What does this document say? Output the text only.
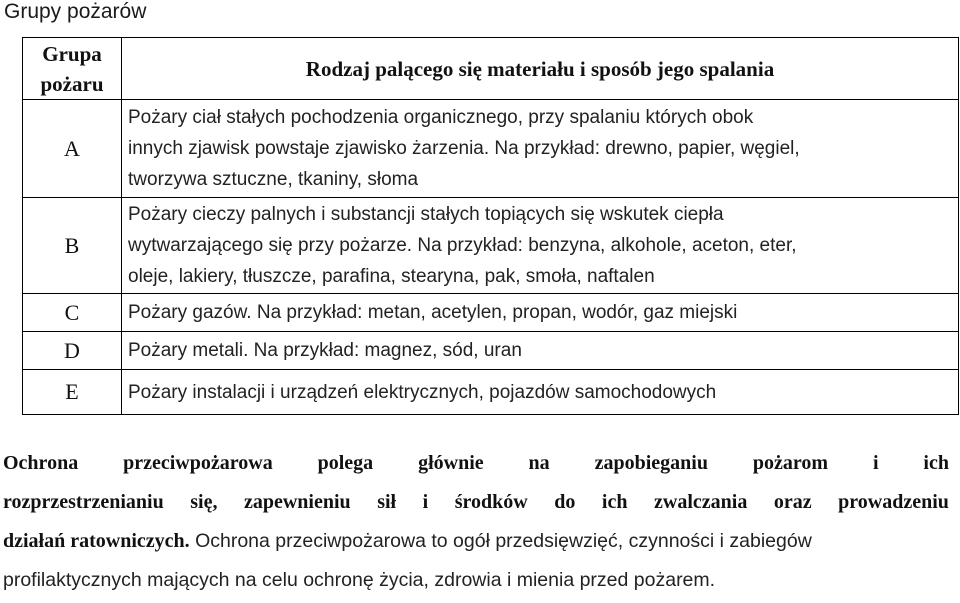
Grupy pożarów
Grupa
pożaru	Rodzaj palącego się materiału i sposób jego spalania
A	Pożary ciał stałych pochodzenia organicznego, przy spalaniu których obok
innych zjawisk powstaje zjawisko żarzenia. Na przykład: drewno, papier, węgiel,
tworzywa sztuczne, tkaniny, słoma

B	Pożary cieczy palnych i substancji stałych topiących się wskutek ciepła
wytwarzającego się przy pożarze. Na przykład: benzyna, alkohole, aceton, eter,
oleje, lakiery, tłuszcze, parafina, stearyna, pak, smoła, naftalen

C	Pożary gazów. Na przykład: metan, acetylen, propan, wodór, gaz miejski

D	Pożary metali. Na przykład: magnez, sód, uran

E	Pożary instalacji i urządzeń elektrycznych, pojazdów samochodowych
Ochrona przeciwpożarowa polega głównie na zapobieganiu pożarom i ich
rozprzestrzenianiu się, zapewnieniu sił i środków do ich zwalczania oraz prowadzeniu
działań ratowniczych. Ochrona przeciwpożarowa to ogół przedsięwzięć, czynności i zabiegów
profilaktycznych mających na celu ochronę życia, zdrowia i mienia przed pożarem.
